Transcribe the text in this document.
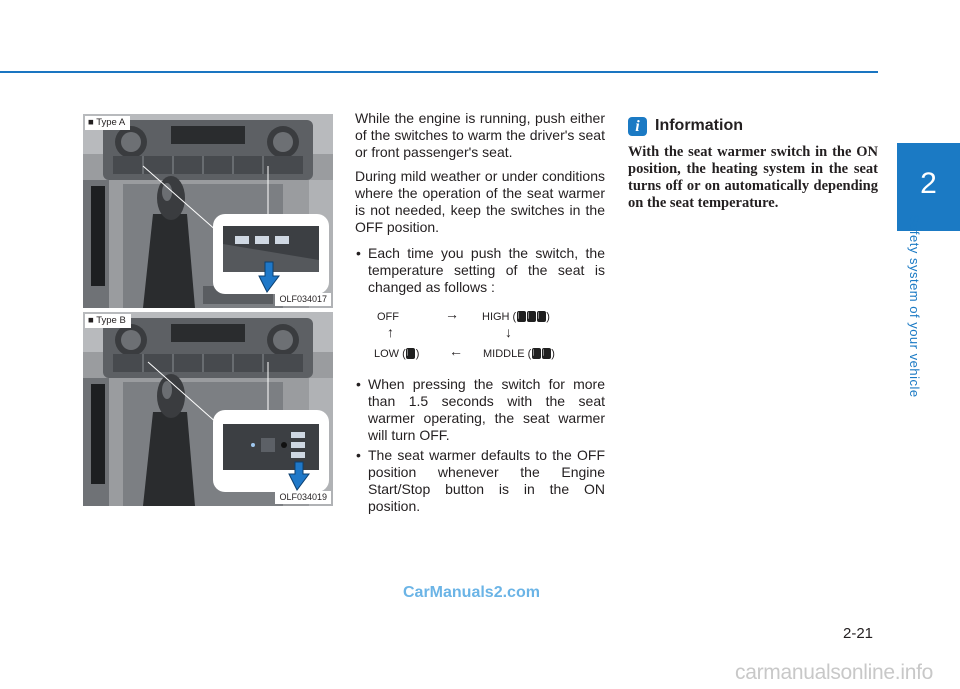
2
Safety system of your vehicle
■ Type A
OLF034017
■ Type B
OLF034019

While the engine is running, push either of the switches to warm the driver's seat or front passenger's seat.

During mild weather or under conditions where the operation of the seat warmer is not needed, keep the switches in the OFF position.

• Each time you push the switch, the temperature setting of the seat is changed as follows :
OFF	→ HIGH (	)
↑	↓
LOW ( ) ← MIDDLE ( )
• When pressing the switch for more than 1.5 seconds with the seat warmer operating, the seat warmer will turn OFF.
• The seat warmer defaults to the OFF position whenever the Engine Start/Stop button is in the ON position.
i Information
With the seat warmer switch in the ON position, the heating system in the seat turns off or on automatically depending on the seat temperature.
2-21
CarManuals2.com
carmanualsonline.info
